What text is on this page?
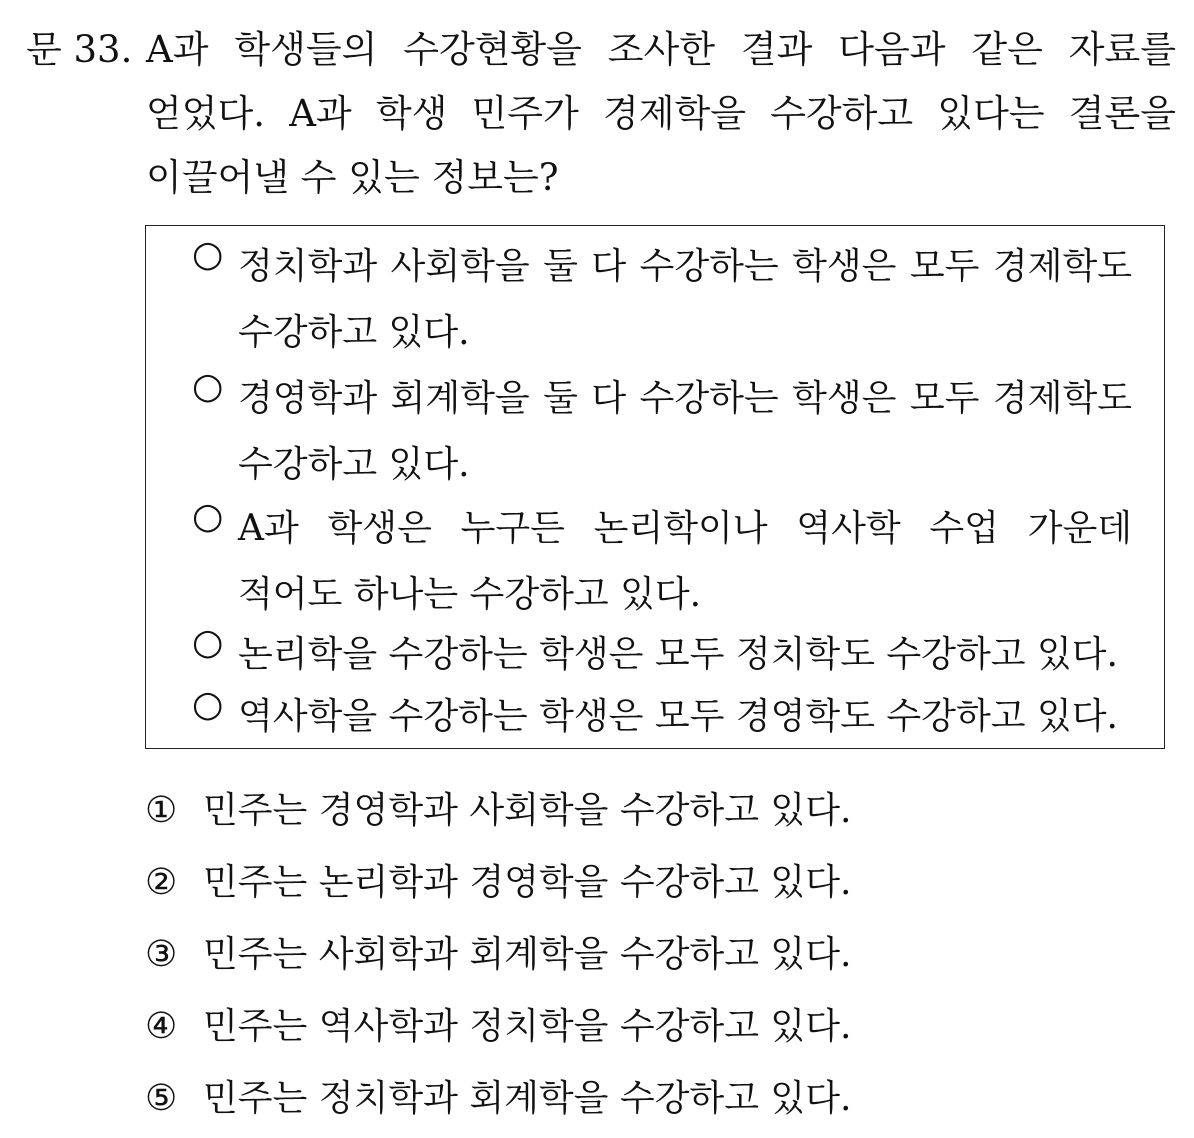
문 33. A과 학생들의 수강현황을 조사한 결과 다음과 같은 자료를
얻었다. A과 학생 민주가 경제학을 수강하고 있다는 결론을
이끌어낼 수 있는 정보는?
○ 정치학과 사회학을 둘 다 수강하는 학생은 모두 경제학도
수강하고 있다.
○ 경영학과 회계학을 둘 다 수강하는 학생은 모두 경제학도
수강하고 있다.
○ A과 학생은 누구든 논리학이나 역사학 수업 가운데
적어도 하나는 수강하고 있다.
○ 논리학을 수강하는 학생은 모두 정치학도 수강하고 있다.
○ 역사학을 수강하는 학생은 모두 경영학도 수강하고 있다.
① 민주는 경영학과 사회학을 수강하고 있다.
② 민주는 논리학과 경영학을 수강하고 있다.
③ 민주는 사회학과 회계학을 수강하고 있다.
④ 민주는 역사학과 정치학을 수강하고 있다.
⑤ 민주는 정치학과 회계학을 수강하고 있다.
